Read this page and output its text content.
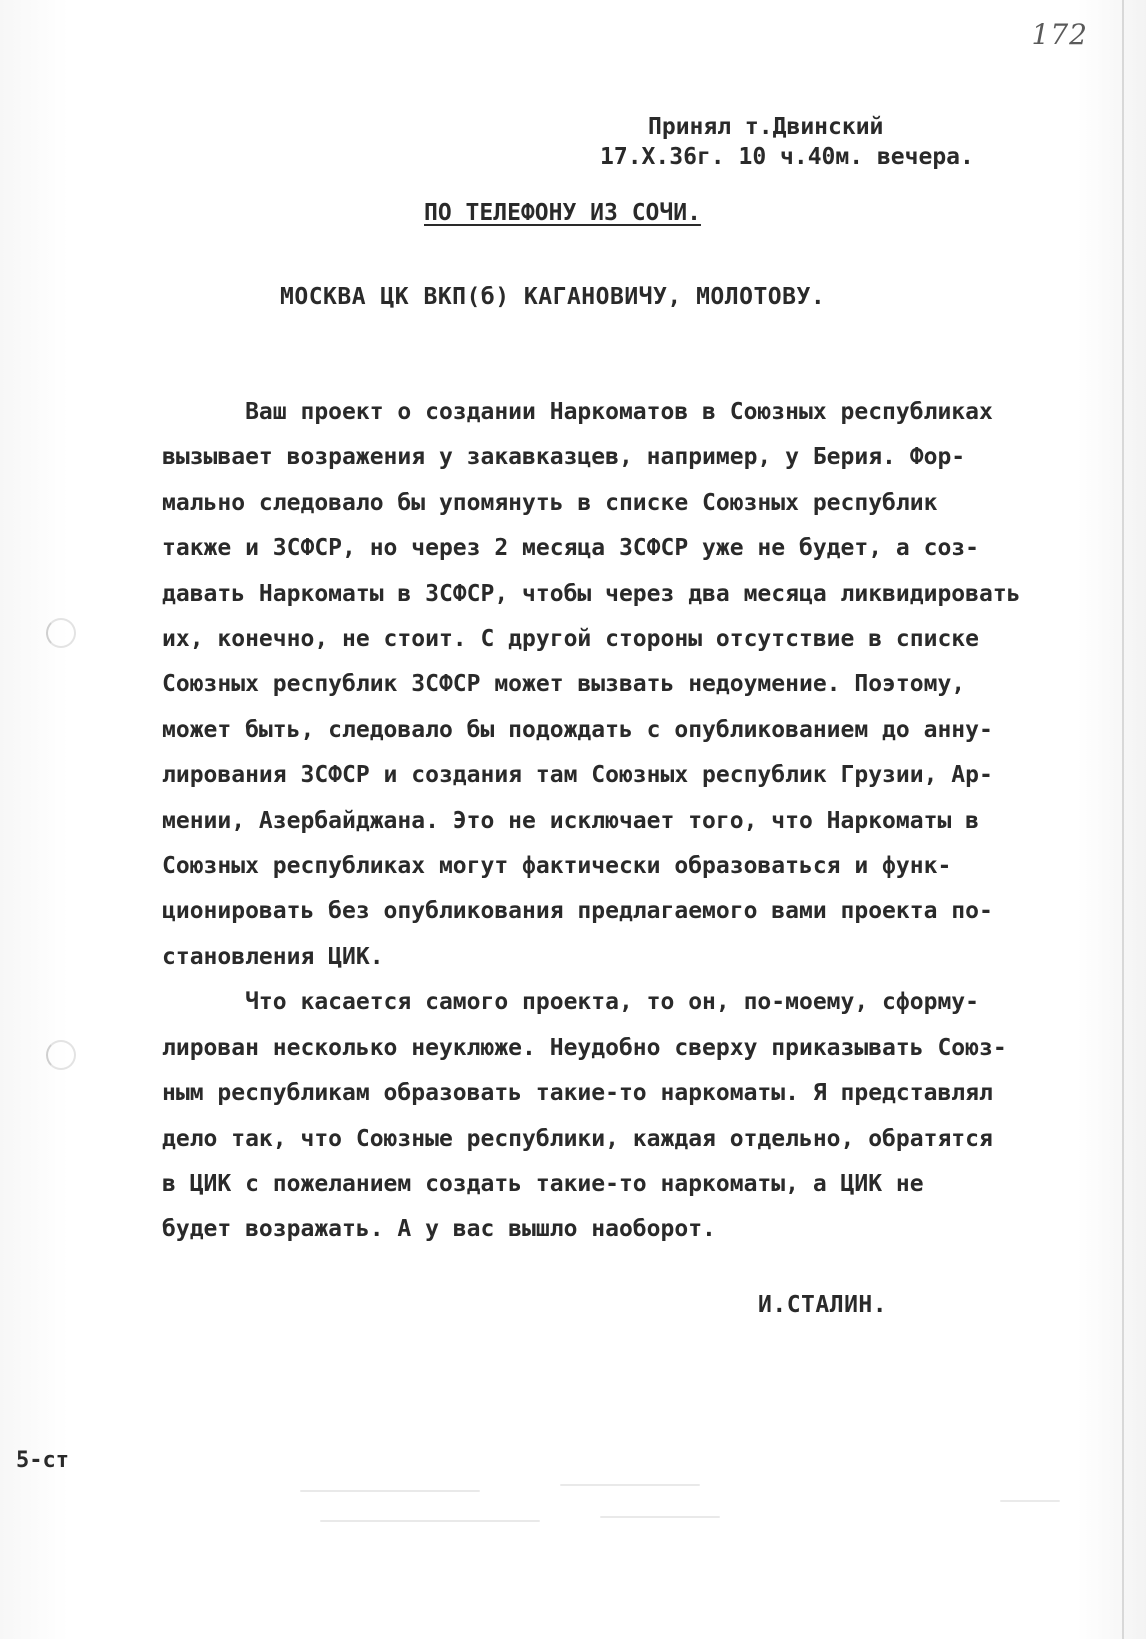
172
Принял т.Двинский
17.Х.36г. 10 ч.40м. вечера.
ПО ТЕЛЕФОНУ ИЗ СОЧИ.
МОСКВА ЦК ВКП(б) КАГАНОВИЧУ, МОЛОТОВУ.

Ваш проект о создании Наркоматов в Союзных республиках
вызывает возражения у закавказцев, например, у Берия. Фор-
мально следовало бы упомянуть в списке Союзных республик
также и ЗСФСР, но через 2 месяца ЗСФСР уже не будет, а соз-
давать Наркоматы в ЗСФСР, чтобы через два месяца ликвидировать
их, конечно, не стоит. С другой стороны отсутствие в списке
Союзных республик ЗСФСР может вызвать недоумение. Поэтому,
может быть, следовало бы подождать с опубликованием до анну-
лирования ЗСФСР и создания там Союзных республик Грузии, Ар-
мении, Азербайджана. Это не исключает того, что Наркоматы в
Союзных республиках могут фактически образоваться и функ-
ционировать без опубликования предлагаемого вами проекта по-
становления ЦИК.

Что касается самого проекта, то он, по-моему, сформу-
лирован несколько неуклюже. Неудобно сверху приказывать Союз-
ным республикам образовать такие-то наркоматы. Я представлял
дело так, что Союзные республики, каждая отдельно, обратятся
в ЦИК с пожеланием создать такие-то наркоматы, а ЦИК не
будет возражать. А у вас вышло наоборот.

И.СТАЛИН.
5-ст
